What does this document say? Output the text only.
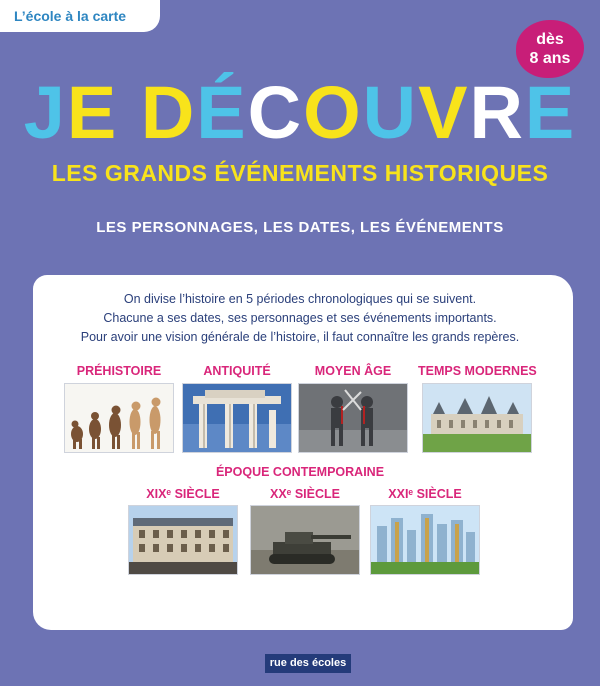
L’école à la carte
dès
8 ans
JE DÉCOUVRE
LES GRANDS ÉVÉNEMENTS HISTORIQUES
LES PERSONNAGES, LES DATES, LES ÉVÉNEMENTS
On divise l’histoire en 5 périodes chronologiques qui se suivent.
Chacune a ses dates, ses personnages et ses événements importants.
Pour avoir une vision générale de l’histoire, il faut connaître les grands repères.
PRÉHISTOIRE	ANTIQUITÉ	MOYEN ÂGE	TEMPS MODERNES
ÉPOQUE CONTEMPORAINE
XIXᵉ SIÈCLE	XXᵉ SIÈCLE	XXIᵉ SIÈCLE
rue des écoles
